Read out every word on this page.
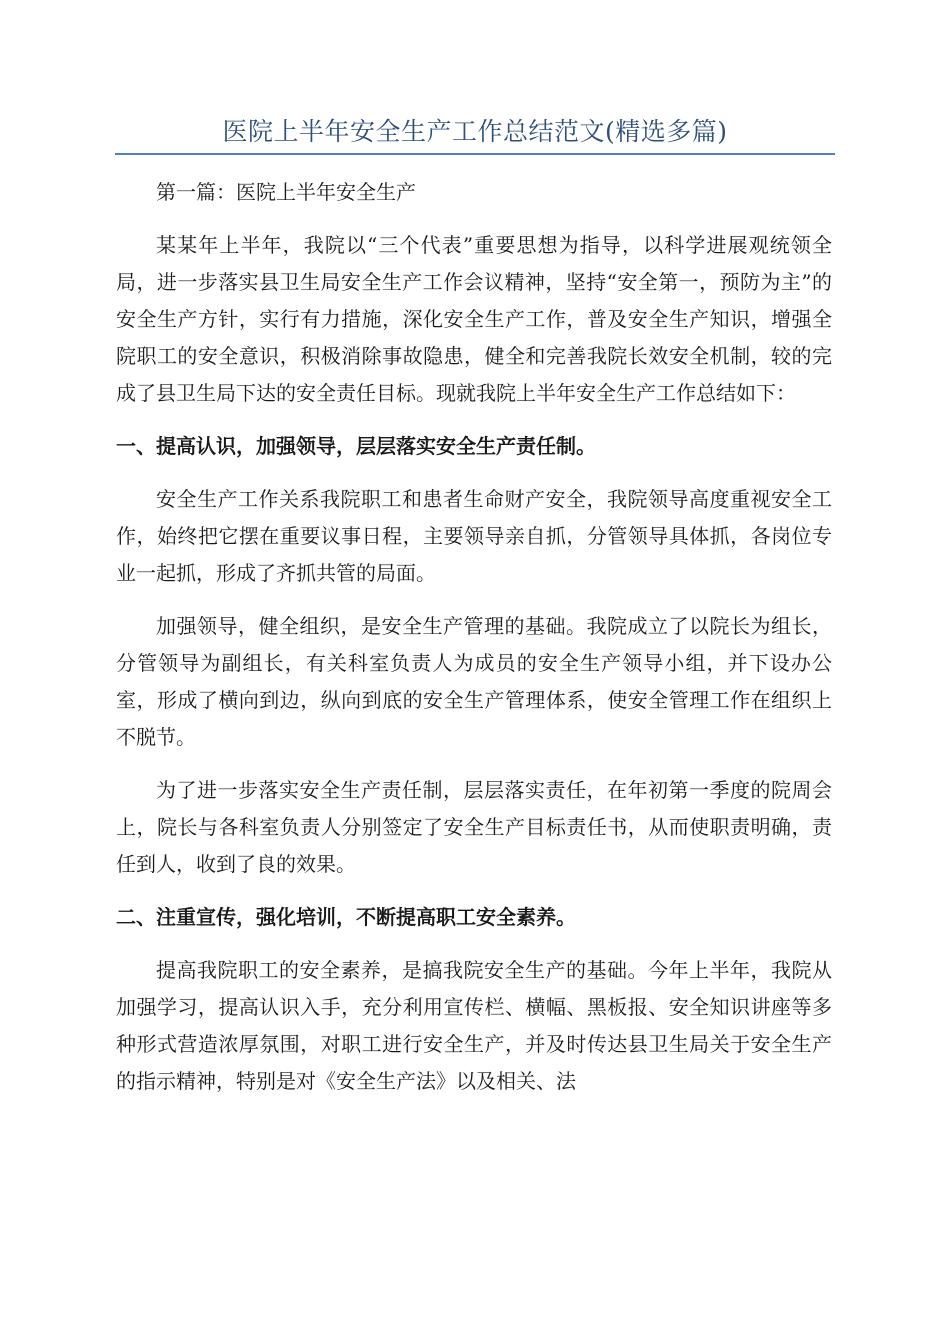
医院上半年安全生产工作总结范文(精选多篇)

第一篇：医院上半年安全生产

某某年上半年，我院以“三个代表”重要思想为指导，以科学进展观统领全局，进一步落实县卫生局安全生产工作会议精神，坚持“安全第一，预防为主”的安全生产方针，实行有力措施，深化安全生产工作，普及安全生产知识，增强全院职工的安全意识，积极消除事故隐患，健全和完善我院长效安全机制，较的完成了县卫生局下达的安全责任目标。现就我院上半年安全生产工作总结如下：

一、提高认识，加强领导，层层落实安全生产责任制。

安全生产工作关系我院职工和患者生命财产安全，我院领导高度重视安全工作，始终把它摆在重要议事日程，主要领导亲自抓，分管领导具体抓，各岗位专业一起抓，形成了齐抓共管的局面。

加强领导，健全组织，是安全生产管理的基础。我院成立了以院长为组长，分管领导为副组长，有关科室负责人为成员的安全生产领导小组，并下设办公室，形成了横向到边，纵向到底的安全生产管理体系，使安全管理工作在组织上不脱节。

为了进一步落实安全生产责任制，层层落实责任，在年初第一季度的院周会上，院长与各科室负责人分别签定了安全生产目标责任书，从而使职责明确，责任到人，收到了良的效果。

二、注重宣传，强化培训，不断提高职工安全素养。

提高我院职工的安全素养，是搞我院安全生产的基础。今年上半年，我院从加强学习，提高认识入手，充分利用宣传栏、横幅、黑板报、安全知识讲座等多种形式营造浓厚氛围，对职工进行安全生产，并及时传达县卫生局关于安全生产的指示精神，特别是对《安全生产法》以及相关、法
